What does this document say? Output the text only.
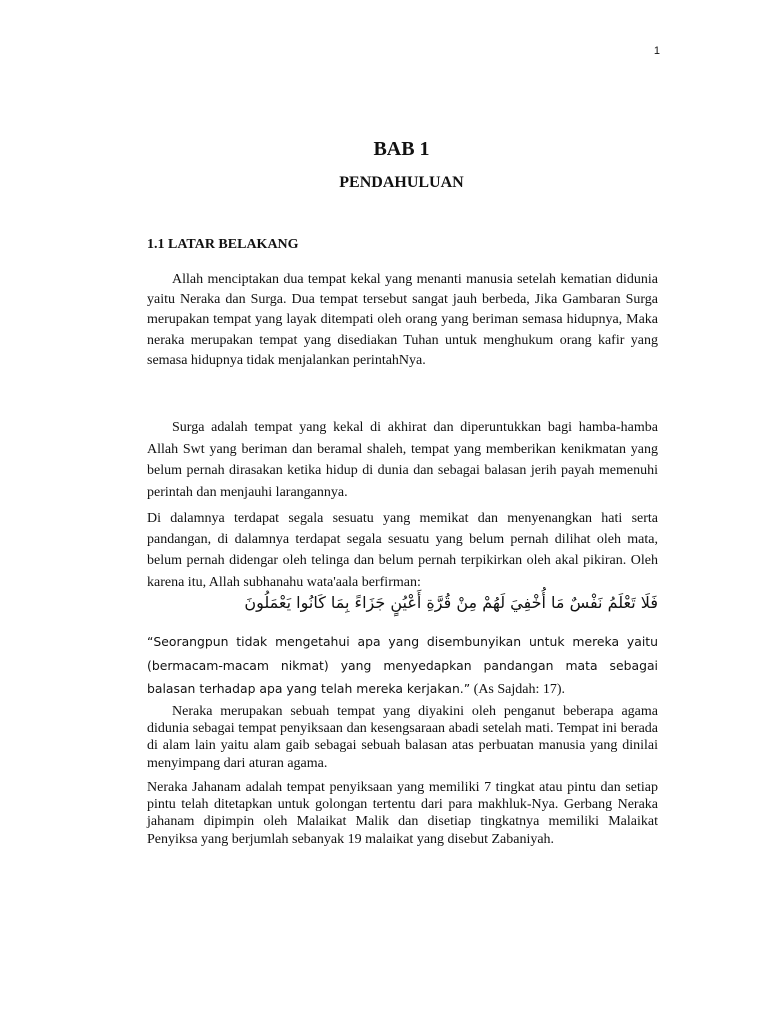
1
BAB 1
PENDAHULUAN
1.1 LATAR BELAKANG

Allah menciptakan dua tempat kekal yang menanti manusia setelah kematian didunia yaitu Neraka dan Surga. Dua tempat tersebut sangat jauh berbeda, Jika Gambaran Surga merupakan tempat yang layak ditempati oleh orang yang beriman semasa hidupnya, Maka neraka merupakan tempat yang disediakan Tuhan untuk menghukum orang kafir yang semasa hidupnya tidak menjalankan perintahNya.

Surga adalah tempat yang kekal di akhirat dan diperuntukkan bagi hamba-hamba Allah Swt yang beriman dan beramal shaleh, tempat yang memberikan kenikmatan yang belum pernah dirasakan ketika hidup di dunia dan sebagai balasan jerih payah memenuhi perintah dan menjauhi larangannya.

Di dalamnya terdapat segala sesuatu yang memikat dan menyenangkan hati serta pandangan, di dalamnya terdapat segala sesuatu yang belum pernah dilihat oleh mata, belum pernah didengar oleh telinga dan belum pernah terpikirkan oleh akal pikiran. Oleh karena itu, Allah subhanahu wata'aala berfirman:

فَلَا تَعْلَمُ نَفْسٌ مَا أُخْفِيَ لَهُمْ مِنْ قُرَّةِ أَعْيُنٍ جَزَاءً بِمَا كَانُوا يَعْمَلُونَ

“Seorangpun tidak mengetahui apa yang disembunyikan untuk mereka yaitu (bermacam-macam nikmat) yang menyedapkan pandangan mata sebagai balasan terhadap apa yang telah mereka kerjakan.” (As Sajdah: 17).

Neraka merupakan sebuah tempat yang diyakini oleh penganut beberapa agama didunia sebagai tempat penyiksaan dan kesengsaraan abadi setelah mati. Tempat ini berada di alam lain yaitu alam gaib sebagai sebuah balasan atas perbuatan manusia yang dinilai menyimpang dari aturan agama.

Neraka Jahanam adalah tempat penyiksaan yang memiliki 7 tingkat atau pintu dan setiap pintu telah ditetapkan untuk golongan tertentu dari para makhluk-Nya. Gerbang Neraka jahanam dipimpin oleh Malaikat Malik dan disetiap tingkatnya memiliki Malaikat Penyiksa yang berjumlah sebanyak 19 malaikat yang disebut Zabaniyah.
